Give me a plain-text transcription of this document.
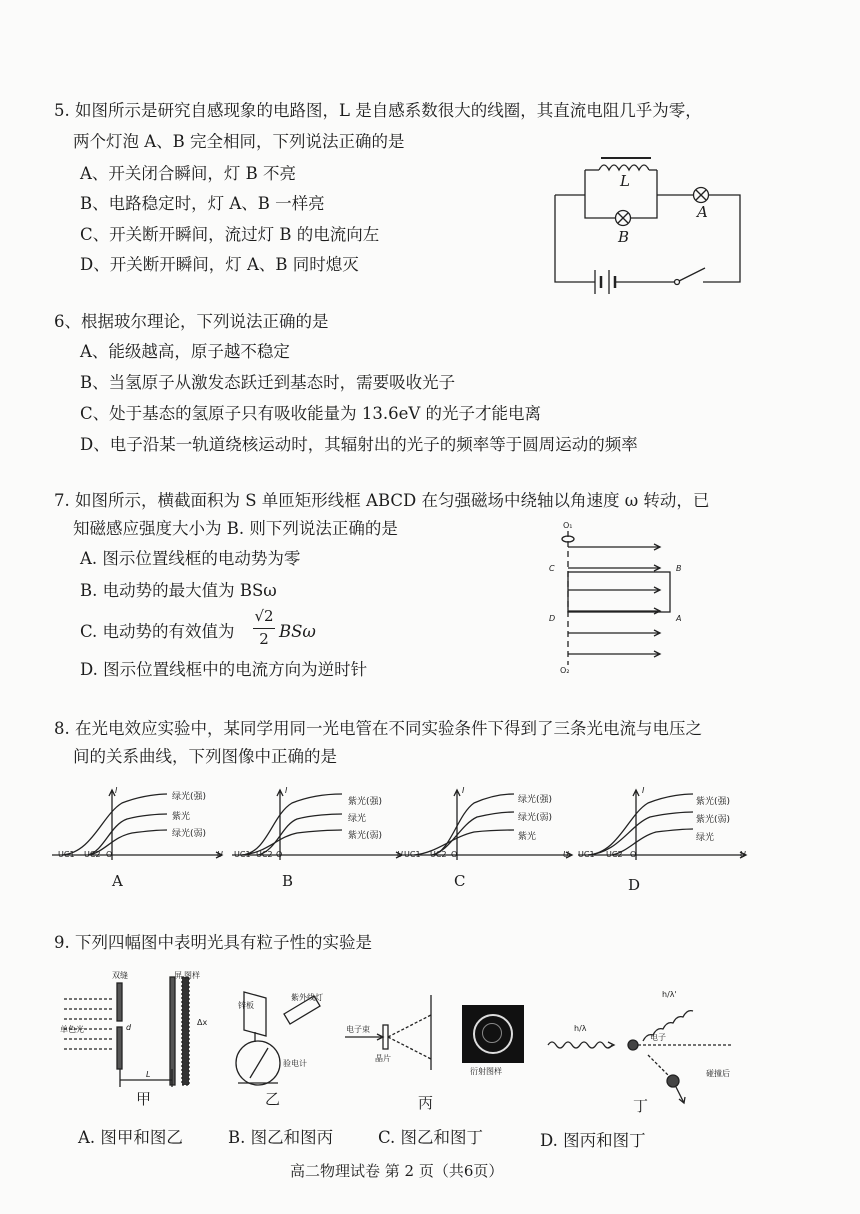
5. 如图所示是研究自感现象的电路图，L 是自感系数很大的线圈，其直流电阻几乎为零，
两个灯泡 A、B 完全相同，下列说法正确的是
A、开关闭合瞬间，灯 B 不亮
B、电路稳定时，灯 A、B 一样亮
C、开关断开瞬间，流过灯 B 的电流向左
D、开关断开瞬间，灯 A、B 同时熄灭
L
A
B
6、根据玻尔理论，下列说法正确的是
A、能级越高，原子越不稳定
B、当氢原子从激发态跃迁到基态时，需要吸收光子
C、处于基态的氢原子只有吸收能量为 13.6eV 的光子才能电离
D、电子沿某一轨道绕核运动时，其辐射出的光子的频率等于圆周运动的频率
7. 如图所示，横截面积为 S 单匝矩形线框 ABCD 在匀强磁场中绕轴以角速度 ω 转动，已
知磁感应强度大小为 B. 则下列说法正确的是
A. 图示位置线框的电动势为零
B. 电动势的最大值为 BSω
C. 电动势的有效值为
√2
2 BSω
D. 图示位置线框中的电流方向为逆时针
O₁
O₂
C	B
D	A
8. 在光电效应实验中，某同学用同一光电管在不同实验条件下得到了三条光电流与电压之
间的关系曲线，下列图像中正确的是
绿光(强)
紫光
绿光(弱)
I
U
UC1 UC2 O
A
紫光(强)
绿光
紫光(弱)
I
U
UC1 UC2 O
B
绿光(强)
绿光(弱)
紫光
I
U
UC1 UC2 O
C
紫光(强)
紫光(弱)
绿光
I
U
UC1 UC2 O
D
9. 下列四幅图中表明光具有粒子性的实验是
双缝	屏 图样
单色光	d
L
Δx
锌板
紫外线灯
验电计
电子束
晶片
衍射图样
h/λ
电子
h/λ'
碰撞后
甲	乙	丙	丁
A. 图甲和图乙	B. 图乙和图丙	C. 图乙和图丁	D. 图丙和图丁
高二物理试卷 第 2 页（共6页）
